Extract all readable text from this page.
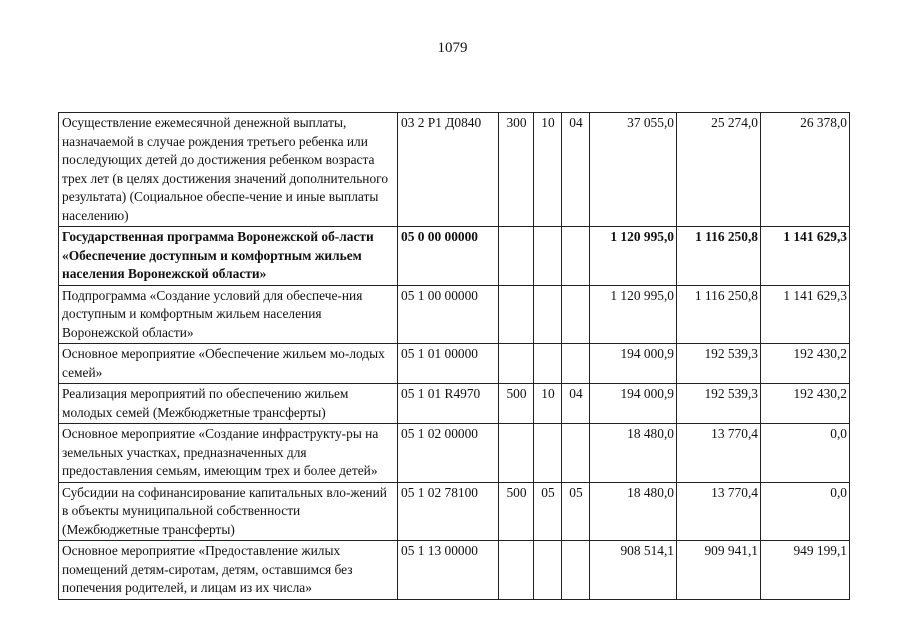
1079
Осуществление ежемесячной денежной выплаты, назначаемой в случае рождения третьего ребенка или последующих детей до достижения ребенком возраста трех лет (в целях достижения значений дополнительного результата) (Социальное обеспе-чение и иные выплаты населению)	03 2 Р1 Д0840	300	10	04	37 055,0	25 274,0	26 378,0
Государственная программа Воронежской об-ласти «Обеспечение доступным и комфортным жильем населения Воронежской области»	05 0 00 00000				1 120 995,0	1 116 250,8	1 141 629,3
Подпрограмма «Создание условий для обеспече-ния доступным и комфортным жильем населения Воронежской области»	05 1 00 00000				1 120 995,0	1 116 250,8	1 141 629,3
Основное мероприятие «Обеспечение жильем мо-лодых семей»	05 1 01 00000				194 000,9	192 539,3	192 430,2
Реализация мероприятий по обеспечению жильем молодых семей (Межбюджетные трансферты)	05 1 01 R4970	500	10	04	194 000,9	192 539,3	192 430,2
Основное мероприятие «Создание инфраструкту-ры на земельных участках, предназначенных для предоставления семьям, имеющим трех и более детей»	05 1 02 00000				18 480,0	13 770,4	0,0
Субсидии на софинансирование капитальных вло-жений в объекты муниципальной собственности (Межбюджетные трансферты)	05 1 02 78100	500	05	05	18 480,0	13 770,4	0,0
Основное мероприятие «Предоставление жилых помещений детям-сиротам, детям, оставшимся без попечения родителей, и лицам из их числа»	05 1 13 00000				908 514,1	909 941,1	949 199,1
